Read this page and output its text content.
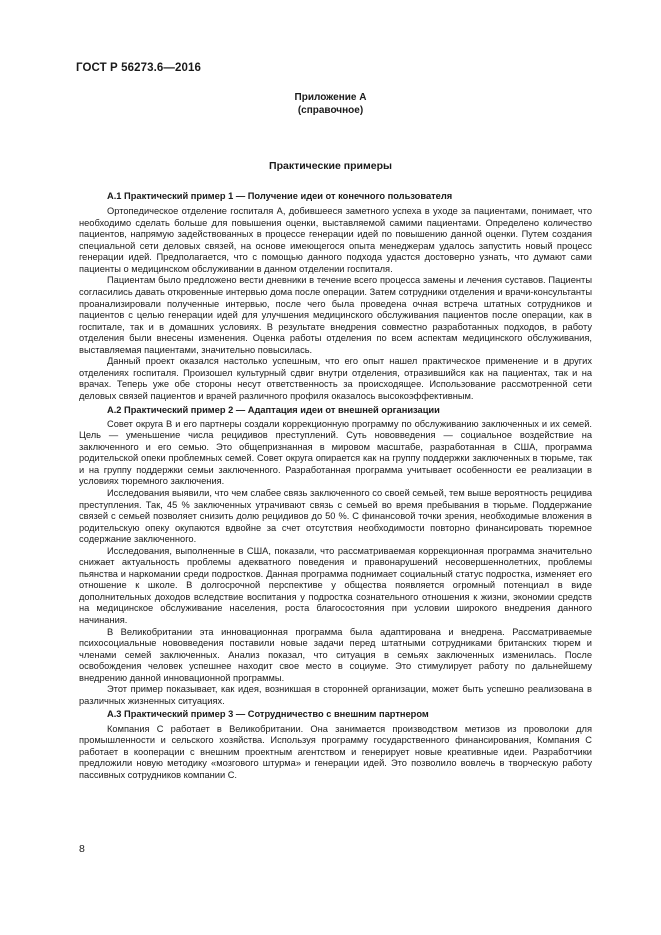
ГОСТ Р 56273.6—2016
Приложение А
(справочное)
Практические примеры

А.1 Практический пример 1 — Получение идеи от конечного пользователя

Ортопедическое отделение госпиталя А, добившееся заметного успеха в уходе за пациентами, понимает, что необходимо сделать больше для повышения оценки, выставляемой самими пациентами. Определено количество пациентов, напрямую задействованных в процессе генерации идей по повышению данной оценки. Путем создания специальной сети деловых связей, на основе имеющегося опыта менеджерам удалось запустить новый процесс генерации идей. Предполагается, что с помощью данного подхода удастся достоверно узнать, что думают сами пациенты о медицинском обслуживании в данном отделении госпиталя.

Пациентам было предложено вести дневники в течение всего процесса замены и лечения суставов. Пациенты согласились давать откровенные интервью дома после операции. Затем сотрудники отделения и врачи-консультанты проанализировали полученные интервью, после чего была проведена очная встреча штатных сотрудников и пациентов с целью генерации идей для улучшения медицинского обслуживания пациентов после операции, как в госпитале, так и в домашних условиях. В результате внедрения совместно разработанных подходов, в работу отделения были внесены изменения. Оценка работы отделения по всем аспектам медицинского обслуживания, выставляемая пациентами, значительно повысилась.

Данный проект оказался настолько успешным, что его опыт нашел практическое применение и в других отделениях госпиталя. Произошел культурный сдвиг внутри отделения, отразившийся как на пациентах, так и на врачах. Теперь уже обе стороны несут ответственность за происходящее. Использование рассмотренной сети деловых связей пациентов и врачей различного профиля оказалось высокоэффективным.

А.2 Практический пример 2 — Адаптация идеи от внешней организации

Совет округа В и его партнеры создали коррекционную программу по обслуживанию заключенных и их семей. Цель — уменьшение числа рецидивов преступлений. Суть нововведения — социальное воздействие на заключенного и его семью. Это общепризнанная в мировом масштабе, разработанная в США, программа родительской опеки проблемных семей. Совет округа опирается как на группу поддержки заключенных в тюрьме, так и на группу поддержки семьи заключенного. Разработанная программа учитывает особенности ее реализации в условиях тюремного заключения.

Исследования выявили, что чем слабее связь заключенного со своей семьей, тем выше вероятность рецидива преступления. Так, 45 % заключенных утрачивают связь с семьей во время пребывания в тюрьме. Поддержание связей с семьей позволяет снизить долю рецидивов до 50 %. С финансовой точки зрения, необходимые вложения в родительскую опеку окупаются вдвойне за счет отсутствия необходимости повторно финансировать тюремное содержание заключенного.

Исследования, выполненные в США, показали, что рассматриваемая коррекционная программа значительно снижает актуальность проблемы адекватного поведения и правонарушений несовершеннолетних, проблемы пьянства и наркомании среди подростков. Данная программа поднимает социальный статус подростка, изменяет его отношение к школе. В долгосрочной перспективе у общества появляется огромный потенциал в виде дополнительных доходов вследствие воспитания у подростка сознательного отношения к жизни, экономии средств на медицинское обслуживание населения, роста благосостояния при условии широкого внедрения данного начинания.

В Великобритании эта инновационная программа была адаптирована и внедрена. Рассматриваемые психосоциальные нововведения поставили новые задачи перед штатными сотрудниками британских тюрем и членами семей заключенных. Анализ показал, что ситуация в семьях заключенных изменилась. После освобождения человек успешнее находит свое место в социуме. Это стимулирует работу по дальнейшему внедрению данной инновационной программы.

Этот пример показывает, как идея, возникшая в сторонней организации, может быть успешно реализована в различных жизненных ситуациях.

А.3 Практический пример 3 — Сотрудничество с внешним партнером

Компания С работает в Великобритании. Она занимается производством метизов из проволоки для промышленности и сельского хозяйства. Используя программу государственного финансирования, Компания С работает в кооперации с внешним проектным агентством и генерирует новые креативные идеи. Разработчики предложили новую методику «мозгового штурма» и генерации идей. Это позволило вовлечь в творческую работу пассивных сотрудников компании С.

8
